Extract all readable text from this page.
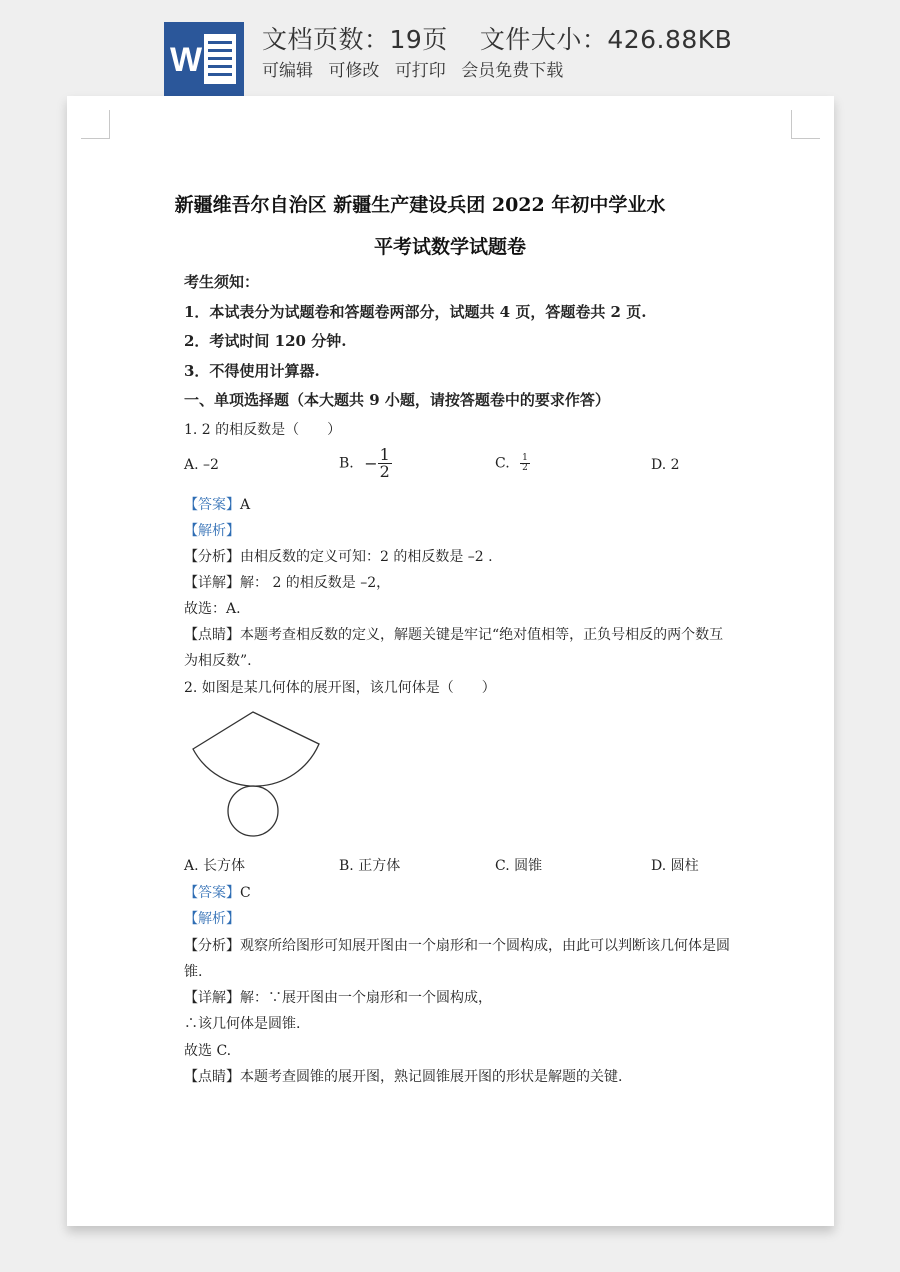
W
文档页数：19页 文件大小：426.88KB
可编辑 可修改 可打印 会员免费下载
新疆维吾尔自治区 新疆生产建设兵团 2022 年初中学业水
平考试数学试题卷
考生须知：
1．本试表分为试题卷和答题卷两部分，试题共 4 页，答题卷共 2 页.
2．考试时间 120 分钟.
3．不得使用计算器.
一、单项选择题（本大题共 9 小题，请按答题卷中的要求作答）
1. 2 的相反数是（　　）
A. –2	B. − $\frac{1}{2}$	C. $\frac{1}{2}$	D. 2
【答案】A
【解析】
【分析】由相反数的定义可知：2 的相反数是 –2 .
【详解】解： 2 的相反数是 –2，
故选：A.
【点睛】本题考查相反数的定义，解题关键是牢记“绝对值相等，正负号相反的两个数互
为相反数”.
2. 如图是某几何体的展开图，该几何体是（　　）
A. 长方体	B. 正方体	C. 圆锥	D. 圆柱
【答案】C
【解析】
【分析】观察所给图形可知展开图由一个扇形和一个圆构成，由此可以判断该几何体是圆
锥.
【详解】解：∵展开图由一个扇形和一个圆构成，
∴该几何体是圆锥.
故选 C.
【点睛】本题考查圆锥的展开图，熟记圆锥展开图的形状是解题的关键.
